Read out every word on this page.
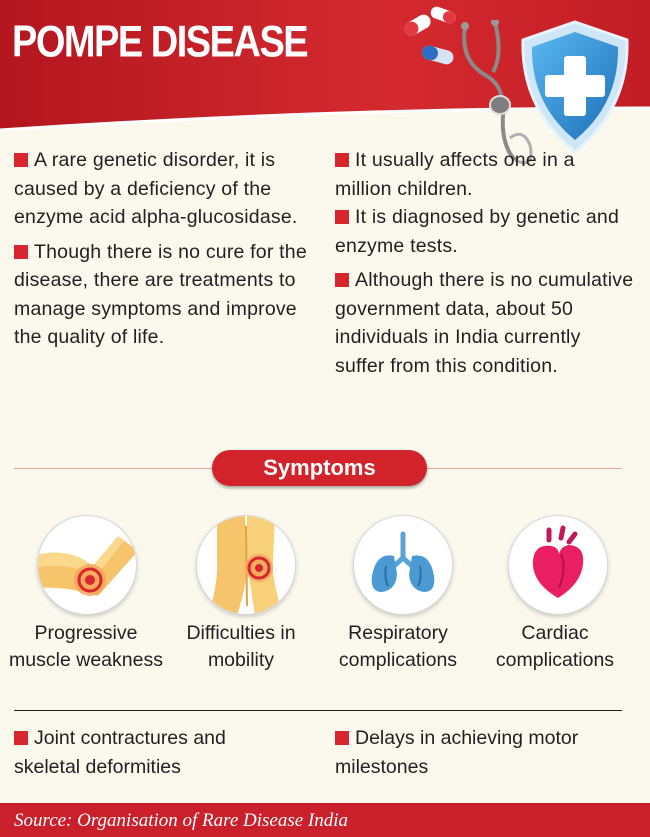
POMPE DISEASE

A rare genetic disorder, it is caused by a deficiency of the enzyme acid alpha-glucosidase.

Though there is no cure for the disease, there are treatments to manage symptoms and improve the quality of life.

It usually affects one in a million children.

It is diagnosed by genetic and enzyme tests.

Although there is no cumulative government data, about 50 individuals in India currently suffer from this condition.

Symptoms
Progressive muscle weakness
Difficulties in mobility
Respiratory complications
Cardiac complications
Joint contractures and skeletal deformities
Delays in achieving motor milestones
Source: Organisation of Rare Disease India
